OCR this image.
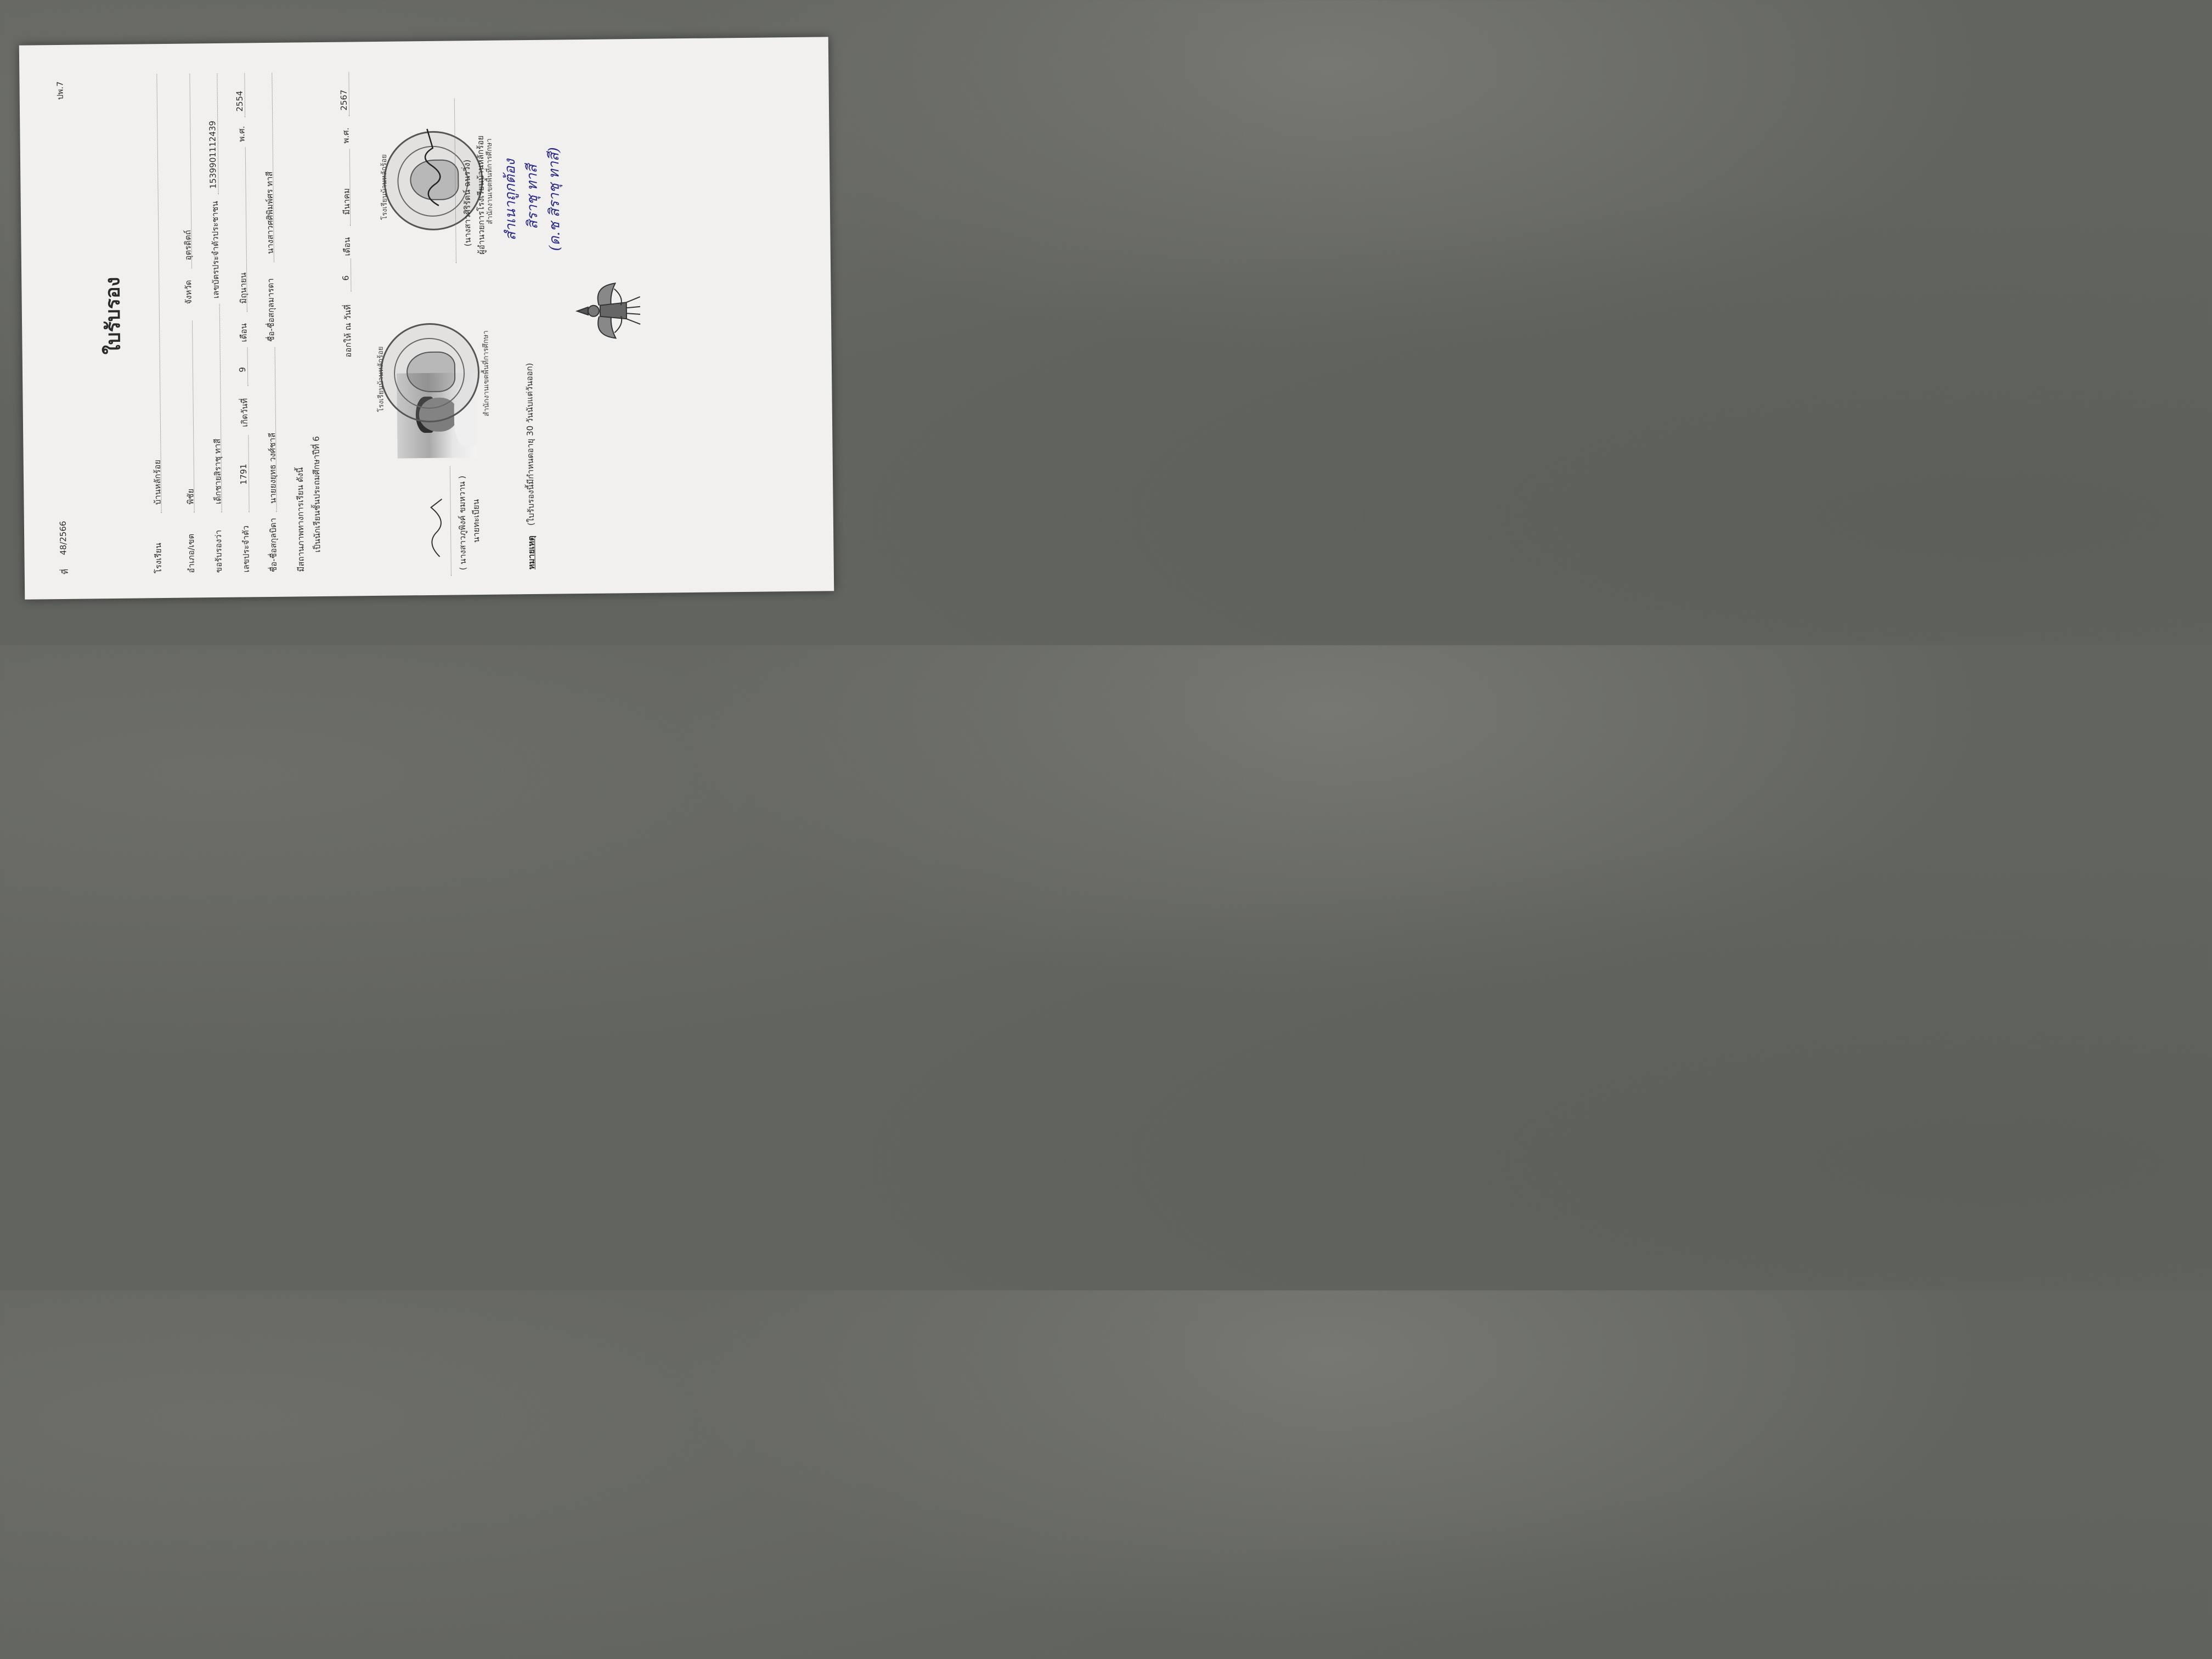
ที่
48/2566
ปพ.7
ใบรับรอง
โรงเรียน
บ้านหลักร้อย
อำเภอ/เขต
พิชัย
จังหวัด
อุตรดิตถ์
ขอรับรองว่า
เด็กชายสิราชุ ทาสี
เลขบัตรประจำตัวประชาชน
1539901112439
เลขประจำตัว
1791
เกิดวันที่
9
เดือน
มิถุนายน
พ.ศ.
2554
ชื่อ-ชื่อสกุลบิดา
นายยงยุทธ วงศ์ชาลี
ชื่อ-ชื่อสกุลมารดา
นางสาวศศิพิมพ์ศร ทาสี
มีสถานภาพทางการเรียน ดังนี้ เป็นนักเรียนชั้นประถมศึกษาปีที่ 6
ออกให้ ณ วันที่
6
เดือน
มีนาคม
พ.ศ.
2567
โรงเรียนบ้านหลักร้อย	สำนักงานเขตพื้นที่การศึกษา
โรงเรียนบ้านหลักร้อย	สำนักงานเขตพื้นที่การศึกษา
( นางสาวภูพิงค์ ขมหวาน ) นายทะเบียน
(นางสาวศิริรัตน์ ฉนรวิ่ง) ผู้อำนวยการโรงเรียนบ้านหลักร้อย สำเนาถูกต้อง สิราชุ ทาสี (ด.ช สิราชุ ทาสี)
หมายเหตุ
(ใบรับรองนี้มีกำหนดอายุ 30 วันนับแต่วันออก)
